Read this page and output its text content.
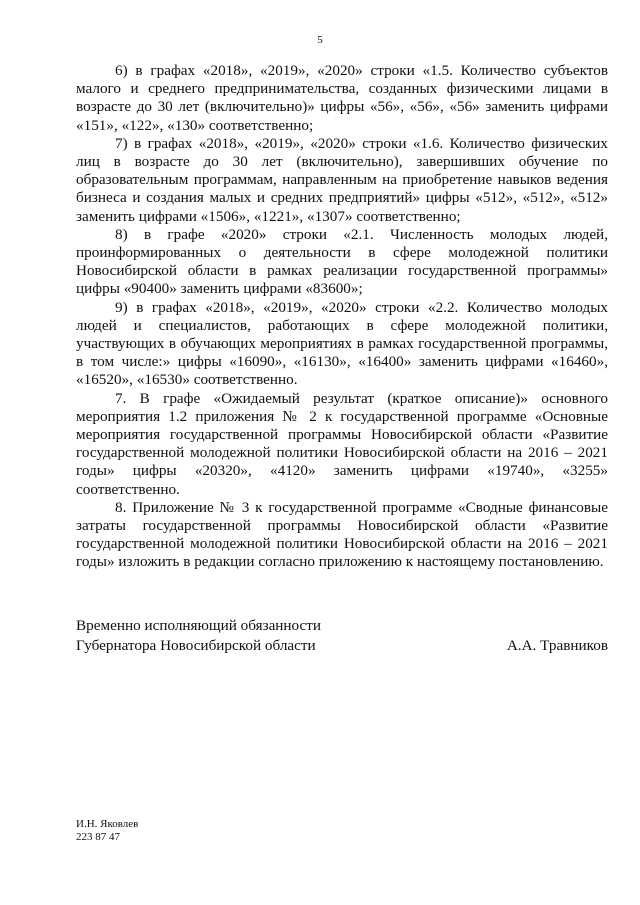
5

6) в графах «2018», «2019», «2020» строки «1.5. Количество субъектов малого и среднего предпринимательства, созданных физическими лицами в возрасте до 30 лет (включительно)» цифры «56», «56», «56» заменить цифрами «151», «122», «130» соответственно;

7) в графах «2018», «2019», «2020» строки «1.6. Количество физических лиц в возрасте до 30 лет (включительно), завершивших обучение по образовательным программам, направленным на приобретение навыков ведения бизнеса и создания малых и средних предприятий» цифры «512», «512», «512» заменить цифрами «1506», «1221», «1307» соответственно;

8) в графе «2020» строки «2.1. Численность молодых людей, проинформированных о деятельности в сфере молодежной политики Новосибирской области в рамках реализации государственной программы» цифры «90400» заменить цифрами «83600»;

9) в графах «2018», «2019», «2020» строки «2.2. Количество молодых людей и специалистов, работающих в сфере молодежной политики, участвующих в обучающих мероприятиях в рамках государственной программы, в том числе:» цифры «16090», «16130», «16400» заменить цифрами «16460», «16520», «16530» соответственно.

7. В графе «Ожидаемый результат (краткое описание)» основного мероприятия 1.2 приложения № 2 к государственной программе «Основные мероприятия государственной программы Новосибирской области «Развитие государственной молодежной политики Новосибирской области на 2016 – 2021 годы» цифры «20320», «4120» заменить цифрами «19740», «3255» соответственно.

8. Приложение № 3 к государственной программе «Сводные финансовые затраты государственной программы Новосибирской области «Развитие государственной молодежной политики Новосибирской области на 2016 – 2021 годы» изложить в редакции согласно приложению к настоящему постановлению.

Временно исполняющий обязанности
Губернатора Новосибирской области	А.А. Травников
И.Н. Яковлев
223 87 47
